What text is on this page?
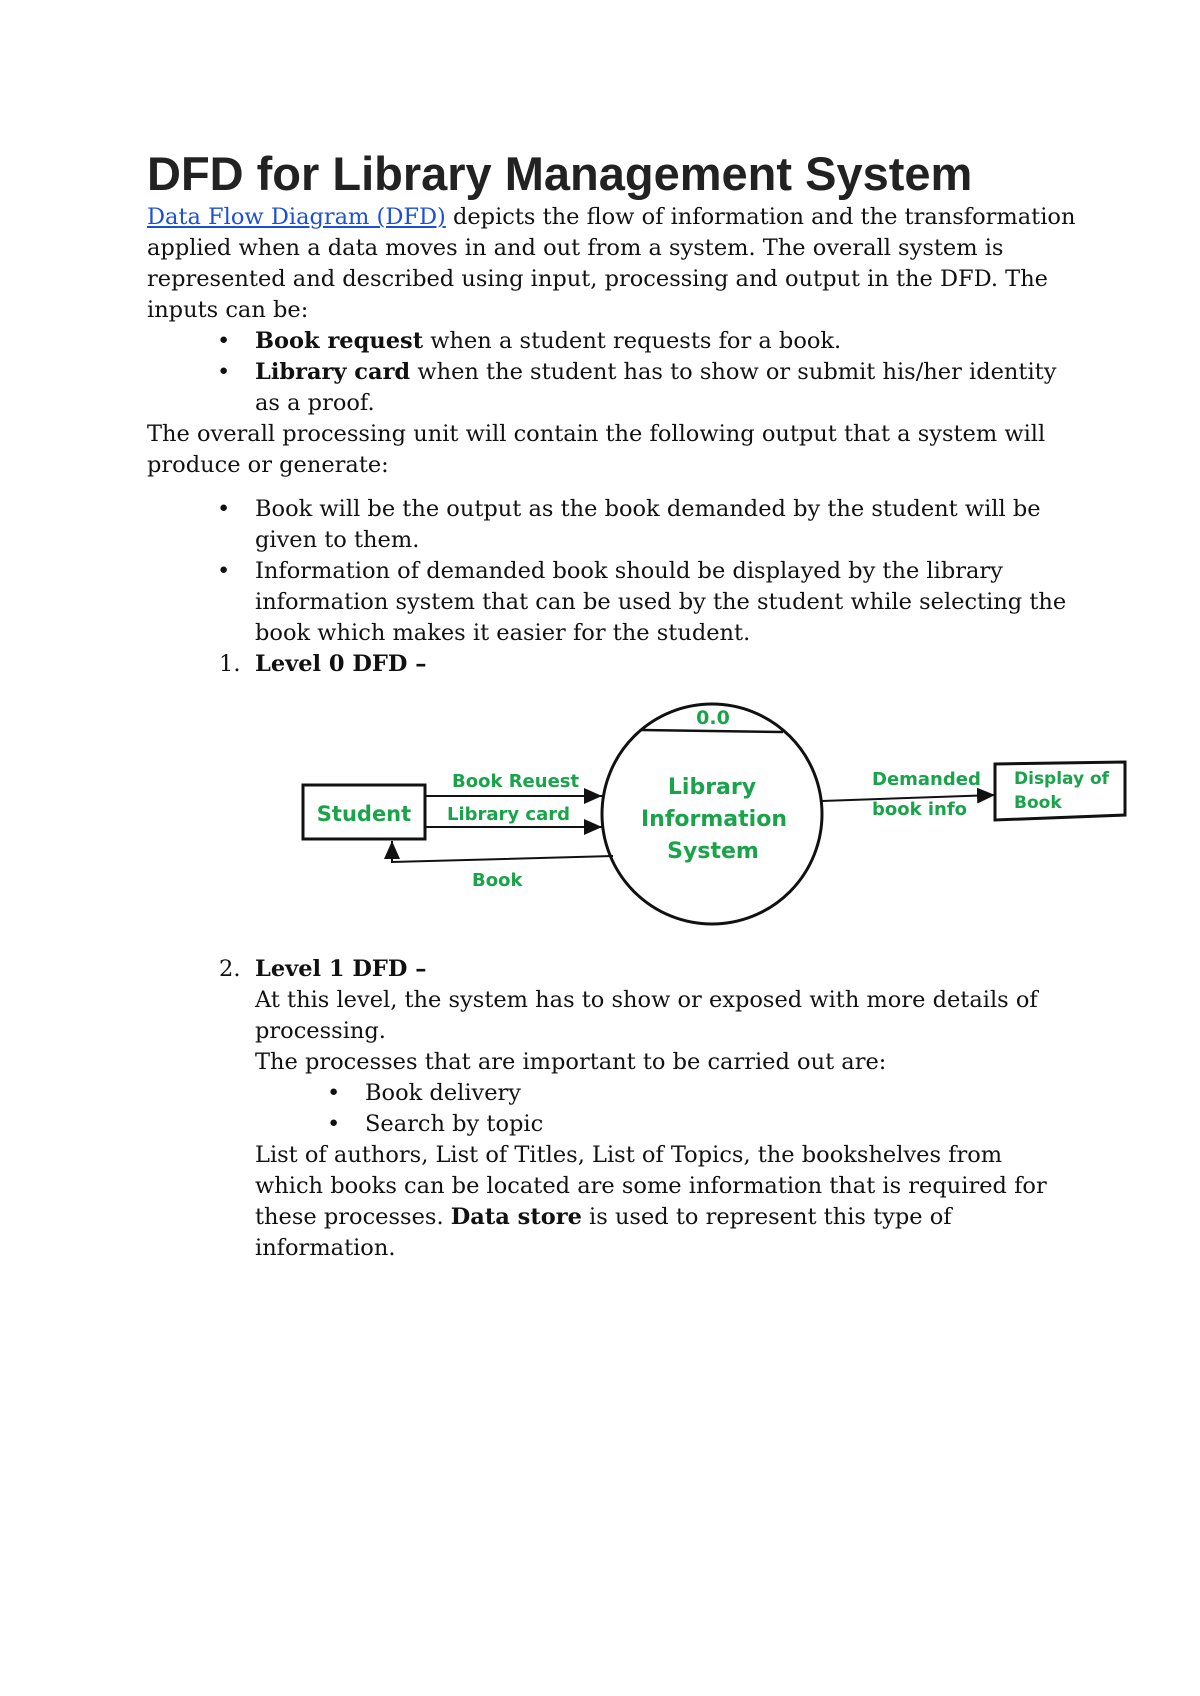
DFD for Library Management System

Data Flow Diagram (DFD) depicts the flow of information and the transformation applied when a data moves in and out from a system. The overall system is represented and described using input, processing and output in the DFD. The inputs can be:

• Book request when a student requests for a book.
• Library card when the student has to show or submit his/her identity as a proof.

The overall processing unit will contain the following output that a system will produce or generate:

• Book will be the output as the book demanded by the student will be given to them.
• Information of demanded book should be displayed by the library information system that can be used by the student while selecting the book which makes it easier for the student.
1. Level 0 DFD –
Student
0.0
Library
Information
System
Book Reuest
Library card
Book
Demanded
book info
Display of
Book
2. Level 1 DFD –

At this level, the system has to show or exposed with more details of processing.

The processes that are important to be carried out are:

• Book delivery
• Search by topic

List of authors, List of Titles, List of Topics, the bookshelves from which books can be located are some information that is required for these processes. Data store is used to represent this type of information.
